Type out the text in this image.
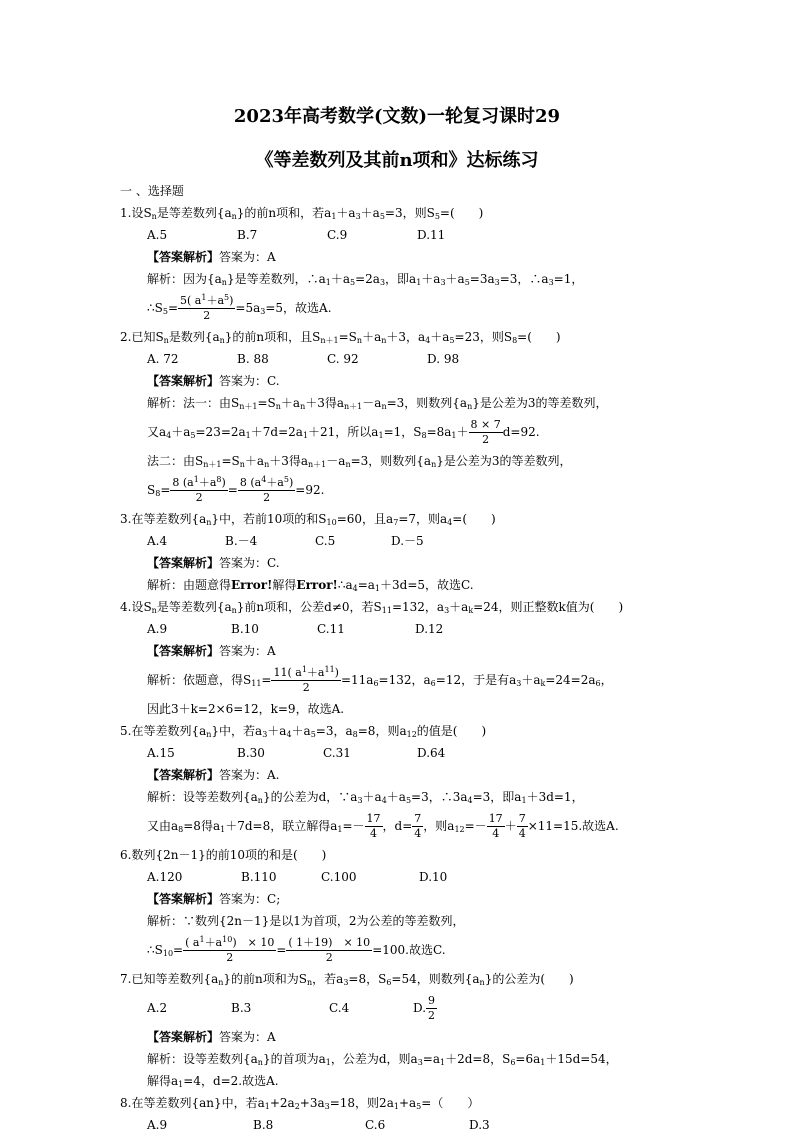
2023年高考数学(文数)一轮复习课时29
《等差数列及其前n项和》达标练习
一 、选择题
1.设$S_n$是等差数列$\{a_n\}$的前n项和，若$a_1+a_3+a_5=3$，则$S_5=$(　　)
A.5	B.7	C.9	D.11
【答案解析】答案为：A
解析：因为$\{a_n\}$是等差数列，$\therefore a_1+a_5=2a_3$，即$a_1+a_3+a_5=3a_3=3$，$\therefore a_3=1$，
$\therefore S_5= \frac{5( a^1+a^5)}{2} =5a_3=5$，故选A.
2.已知$S_n$是数列$\{a_n\}$的前n项和，且$S_{n+1}=S_n+a_n+3$，$a_4+a_5=23$，则$S_8=$(　　)
A. 72	B. 88	C. 92	D. 98
【答案解析】答案为：C.
解析：法一：由$S_{n+1}=S_n+a_n+3$得$a_{n+1}-a_n=3$，则数列$\{a_n\}$是公差为3的等差数列，
又$a_4+a_5=23=2a_1+7d=2a_1+21$，所以$a_1=1$，$S_8=8a_1+ \frac{8 \times 7}{2} d=92$.
法二：由$S_{n+1}=S_n+a_n+3$得$a_{n+1}-a_n=3$，则数列$\{a_n\}$是公差为3的等差数列，
$S_8= \frac{8 (a^1+a^8)}{2} = \frac{8 (a^4+a^5)}{2} =92$.
3.在等差数列$\{a_n\}$中，若前10项的和$S_{10}=60$，且$a_7=7$，则$a_4=$(　　)
A.4	B.－4	C.5	D.－5
【答案解析】答案为：C.
解析：由题意得Error!解得$Error!\therefore a_4=a_1+3d=5$，故选C.
4.设$S_n$是等差数列$\{a_n\}$前n项和，公差d≠0，若$S_{11}=132$，$a_3+a_k=24$，则正整数k值为(　　)
A.9	B.10	C.11	D.12
【答案解析】答案为：A
解析：依题意，得$S_{11}= \frac{11( a^1+a^{11})}{2} =11a_6=132$，$a_6=12$，于是有$a_3+a_k=24=2a_6$，
因此3＋k=2×6=12，k=9，故选A.
5.在等差数列$\{a_n\}$中，若$a_3+a_4+a_5=3$，$a_8=8$，则$a_{12}$的值是(　　)
A.15	B.30	C.31	D.64
【答案解析】答案为：A.
解析：设等差数列$\{a_n\}$的公差为d，$\because a_3+a_4+a_5=3$，$\therefore 3a_4=3$，即$a_1+3d=1$，
又由$a_8=8$得$a_1+7d=8$，联立解得$a_1=- \frac{17}{4}$ ，$d= \frac{7}{4}$ ，则$a_{12}=- \frac{17}{4} + \frac{7}{4} \times 11=15$.故选A.
6.数列{2n－1}的前10项的和是(　　)
A.120	B.110	C.100	D.10
【答案解析】答案为：C;
解析：∵数列{2n－1}是以1为首项，2为公差的等差数列，
$\therefore S_{10}= \frac{( a^1+a^{10}) \times 10}{2} = \frac{( 1+19) \times 10}{2} =100$.故选C.
7.已知等差数列$\{a_n\}$的前n项和为$S_n$，若$a_3=8$，$S_6=54$，则数列$\{a_n\}$的公差为(　　)
A.2	B.3	C.4	D. $\frac{9}{2}$
【答案解析】答案为：A
解析：设等差数列$\{a_n\}$的首项为$a_1$，公差为d，则$a_3=a_1+2d=8$，$S_6=6a_1+15d=54$，
解得$a_1=4$，d=2.故选A.
8.在等差数列{an}中，若$a_1+2a_2+3a_3=18$，则$2a_1+a_5=$（　　）
A.9	B.8	C.6	D.3
